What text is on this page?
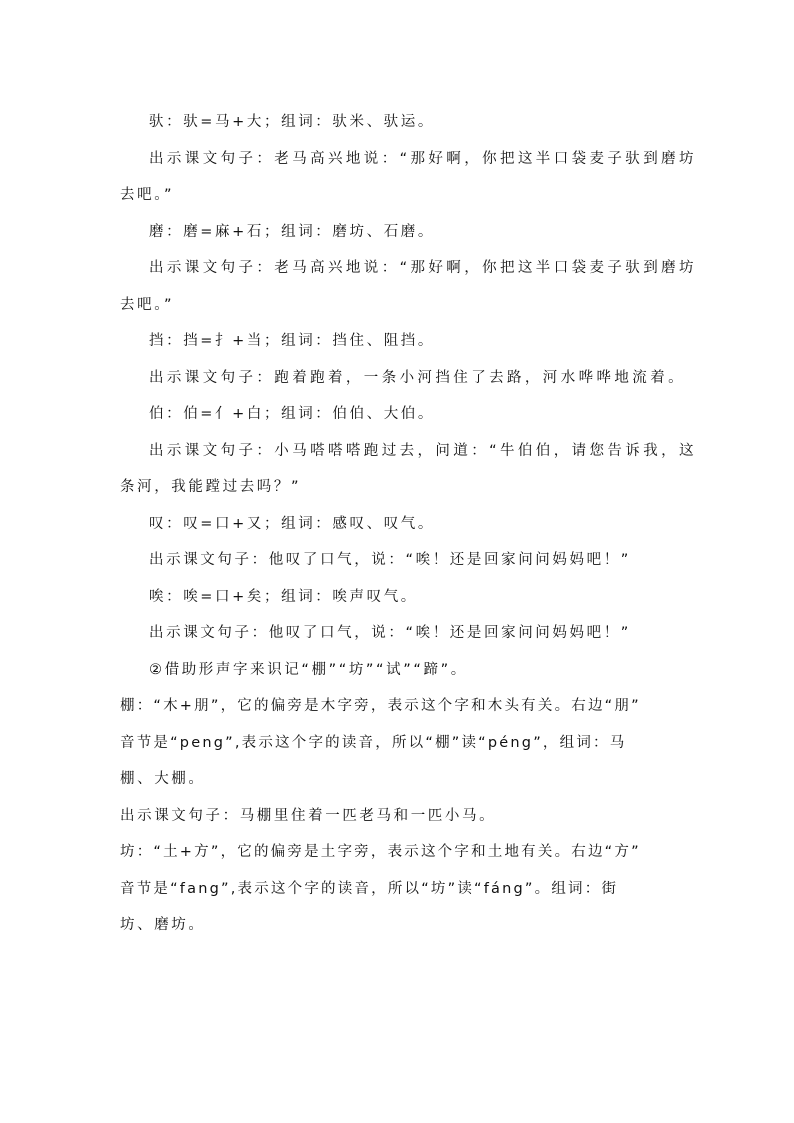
驮：驮=马+大；组词：驮米、驮运。
出示课文句子：老马高兴地说：“那好啊，你把这半口袋麦子驮到磨坊
去吧。”
磨：磨=麻+石；组词：磨坊、石磨。
出示课文句子：老马高兴地说：“那好啊，你把这半口袋麦子驮到磨坊
去吧。”
挡：挡=扌+当；组词：挡住、阻挡。
出示课文句子：跑着跑着，一条小河挡住了去路，河水哗哗地流着。
伯：伯=亻+白；组词：伯伯、大伯。
出示课文句子：小马嗒嗒嗒跑过去，问道：“牛伯伯，请您告诉我，这
条河，我能蹚过去吗？”
叹：叹=口+又；组词：感叹、叹气。
出示课文句子：他叹了口气，说：“唉！还是回家问问妈妈吧！”
唉：唉=口+矣；组词：唉声叹气。
出示课文句子：他叹了口气，说：“唉！还是回家问问妈妈吧！”
②借助形声字来识记“棚”“坊”“试”“蹄”。
棚：“木+朋”，它的偏旁是木字旁，表示这个字和木头有关。右边“朋”
音节是“peng”,表示这个字的读音，所以“棚”读“péng”，组词：马
棚、大棚。
出示课文句子：马棚里住着一匹老马和一匹小马。
坊：“土+方”，它的偏旁是土字旁，表示这个字和土地有关。右边“方”
音节是“fang”,表示这个字的读音，所以“坊”读“fáng”。组词：街
坊、磨坊。
